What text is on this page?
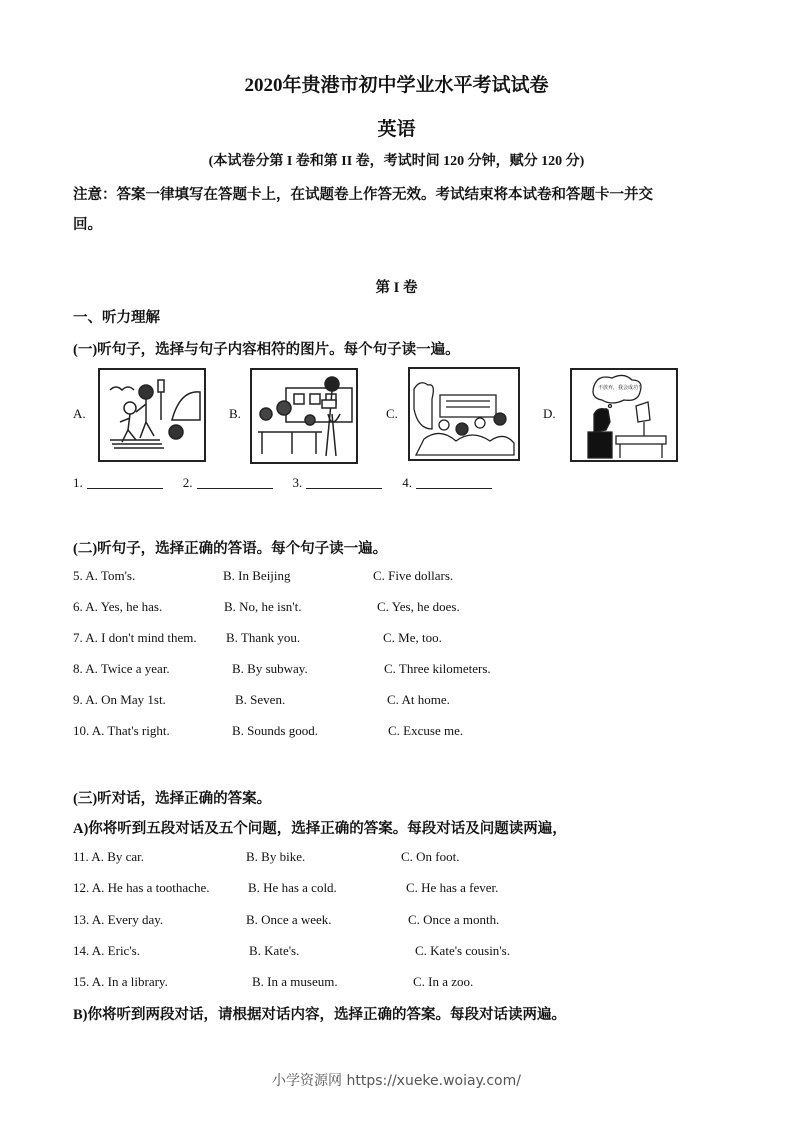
2020年贵港市初中学业水平考试试卷
英语
(本试卷分第 I 卷和第 II 卷，考试时间 120 分钟，赋分 120 分)
注意：答案一律填写在答题卡上，在试题卷上作答无效。考试结束将本试卷和答题卡一并交
回。
第 I 卷
一、听力理解
(一)听句子，选择与句子内容相符的图片。每个句子读一遍。
A.	B.	C.	D.
不放弃，我会成功！
1.	2.	3.	4.
(二)听句子，选择正确的答语。每个句子读一遍。
5. A. Tom's.	B. In Beijing	C. Five dollars.
6. A. Yes, he has.	B. No, he isn't.	C. Yes, he does.
7. A. I don't mind them. B. Thank you.	C. Me, too.
8. A. Twice a year.	B. By subway.	C. Three kilometers.
9. A. On May 1st.	B. Seven.	C. At home.
10. A. That's right.	B. Sounds good.	C. Excuse me.
(三)听对话，选择正确的答案。
A)你将听到五段对话及五个问题，选择正确的答案。每段对话及问题读两遍，
11. A. By car.	B. By bike.	C. On foot.
12. A. He has a toothache.	B. He has a cold.	C. He has a fever.
13. A. Every day.	B. Once a week.	C. Once a month.
14. A. Eric's.	B. Kate's.	C. Kate's cousin's.
15. A. In a library.	B. In a museum.	C. In a zoo.
B)你将听到两段对话，请根据对话内容，选择正确的答案。每段对话读两遍。
小学资源网 https://xueke.woiay.com/
